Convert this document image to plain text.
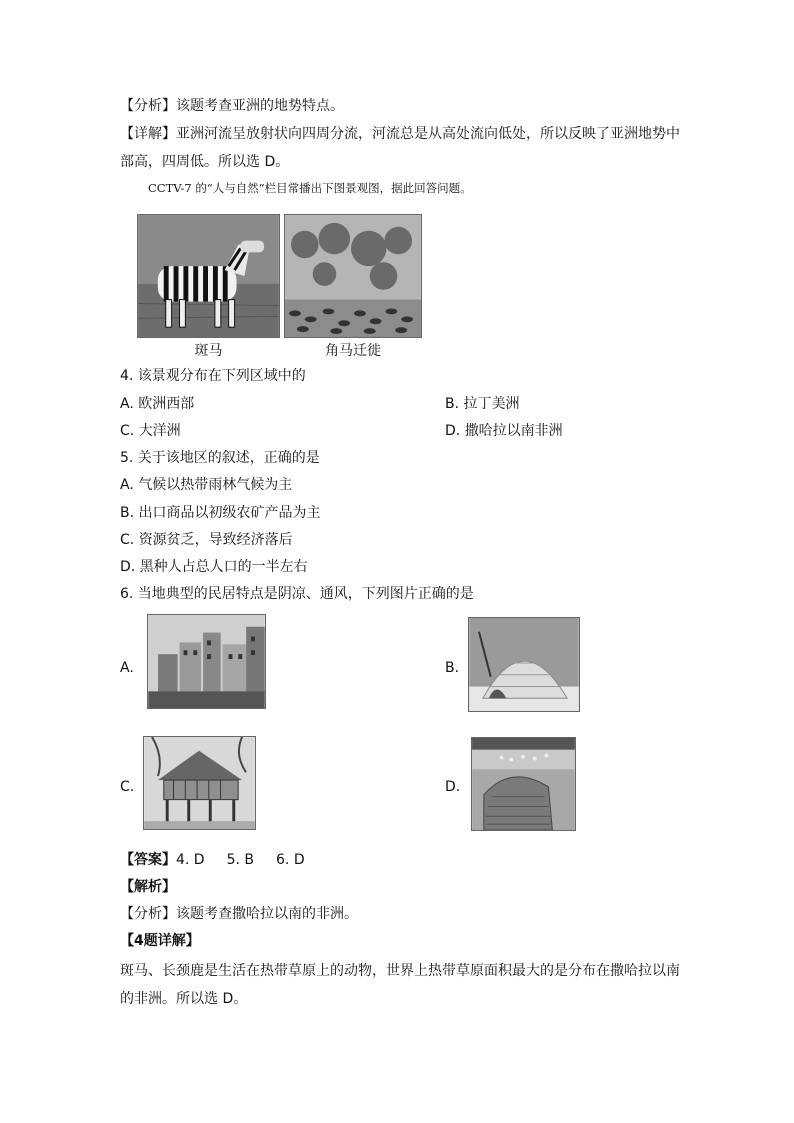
【分析】该题考查亚洲的地势特点。
【详解】亚洲河流呈放射状向四周分流，河流总是从高处流向低处，所以反映了亚洲地势中
部高，四周低。所以选 D。
CCTV-7 的“人与自然”栏目常播出下图景观图，据此回答问题。
斑马	角马迁徙
4. 该景观分布在下列区域中的
A. 欧洲西部	B. 拉丁美洲
C. 大洋洲	D. 撒哈拉以南非洲
5. 关于该地区的叙述，正确的是
A. 气候以热带雨林气候为主
B. 出口商品以初级农矿产品为主
C. 资源贫乏，导致经济落后
D. 黑种人占总人口的一半左右
6. 当地典型的民居特点是阴凉、通风，下列图片正确的是
A.	B.
C.	D.
【答案】4. D 5. B 6. D
【解析】
【分析】该题考查撒哈拉以南的非洲。
【4题详解】
斑马、长颈鹿是生活在热带草原上的动物，世界上热带草原面积最大的是分布在撒哈拉以南
的非洲。所以选 D。
